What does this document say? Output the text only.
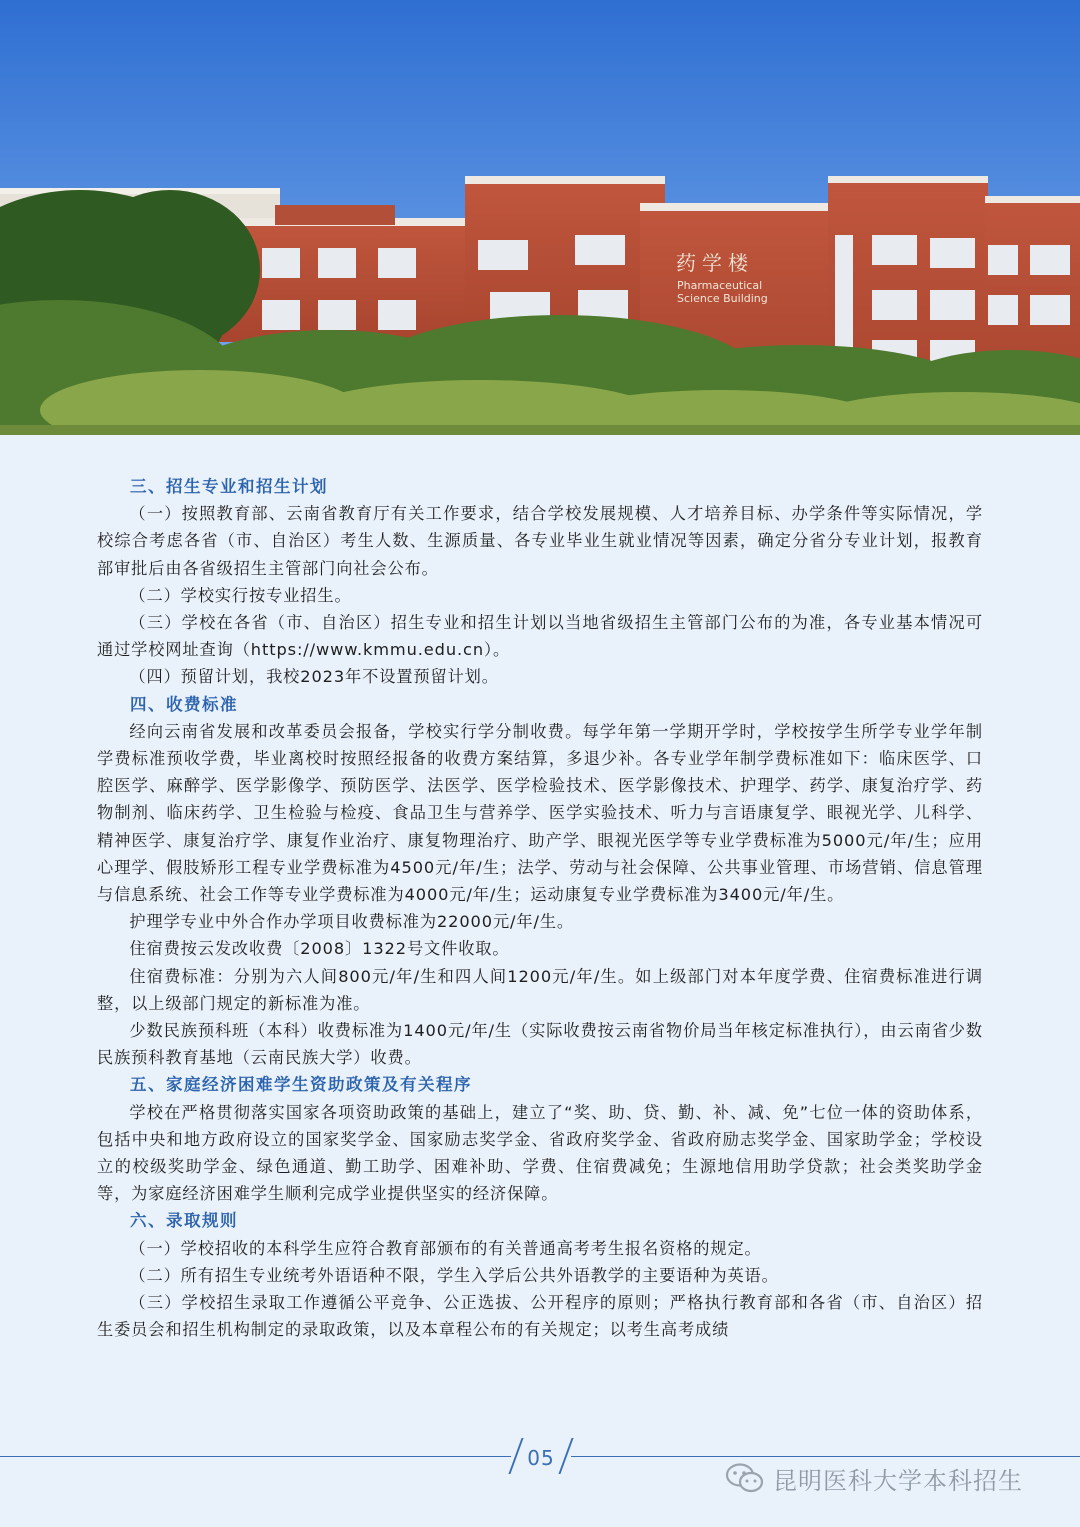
药学楼
Pharmaceutical
Science Building
三、招生专业和招生计划

（一）按照教育部、云南省教育厅有关工作要求，结合学校发展规模、人才培养目标、办学条件等实际情况，学校综合考虑各省（市、自治区）考生人数、生源质量、各专业毕业生就业情况等因素，确定分省分专业计划，报教育部审批后由各省级招生主管部门向社会公布。

（二）学校实行按专业招生。

（三）学校在各省（市、自治区）招生专业和招生计划以当地省级招生主管部门公布的为准，各专业基本情况可通过学校网址查询（https://www.kmmu.edu.cn）。

（四）预留计划，我校2023年不设置预留计划。

四、收费标准

经向云南省发展和改革委员会报备，学校实行学分制收费。每学年第一学期开学时，学校按学生所学专业学年制学费标准预收学费，毕业离校时按照经报备的收费方案结算，多退少补。各专业学年制学费标准如下：临床医学、口腔医学、麻醉学、医学影像学、预防医学、法医学、医学检验技术、医学影像技术、护理学、药学、康复治疗学、药物制剂、临床药学、卫生检验与检疫、食品卫生与营养学、医学实验技术、听力与言语康复学、眼视光学、儿科学、精神医学、康复治疗学、康复作业治疗、康复物理治疗、助产学、眼视光医学等专业学费标准为5000元/年/生；应用心理学、假肢矫形工程专业学费标准为4500元/年/生；法学、劳动与社会保障、公共事业管理、市场营销、信息管理与信息系统、社会工作等专业学费标准为4000元/年/生；运动康复专业学费标准为3400元/年/生。

护理学专业中外合作办学项目收费标准为22000元/年/生。

住宿费按云发改收费〔2008〕1322号文件收取。

住宿费标准：分别为六人间800元/年/生和四人间1200元/年/生。如上级部门对本年度学费、住宿费标准进行调整，以上级部门规定的新标准为准。

少数民族预科班（本科）收费标准为1400元/年/生（实际收费按云南省物价局当年核定标准执行），由云南省少数民族预科教育基地（云南民族大学）收费。

五、家庭经济困难学生资助政策及有关程序

学校在严格贯彻落实国家各项资助政策的基础上，建立了“奖、助、贷、勤、补、减、免”七位一体的资助体系，包括中央和地方政府设立的国家奖学金、国家励志奖学金、省政府奖学金、省政府励志奖学金、国家助学金；学校设立的校级奖助学金、绿色通道、勤工助学、困难补助、学费、住宿费减免；生源地信用助学贷款；社会类奖助学金等，为家庭经济困难学生顺利完成学业提供坚实的经济保障。

六、录取规则

（一）学校招收的本科学生应符合教育部颁布的有关普通高考考生报名资格的规定。

（二）所有招生专业统考外语语种不限，学生入学后公共外语教学的主要语种为英语。

（三）学校招生录取工作遵循公平竞争、公正选拔、公开程序的原则；严格执行教育部和各省（市、自治区）招生委员会和招生机构制定的录取政策，以及本章程公布的有关规定；以考生高考成绩

05
昆明医科大学本科招生
